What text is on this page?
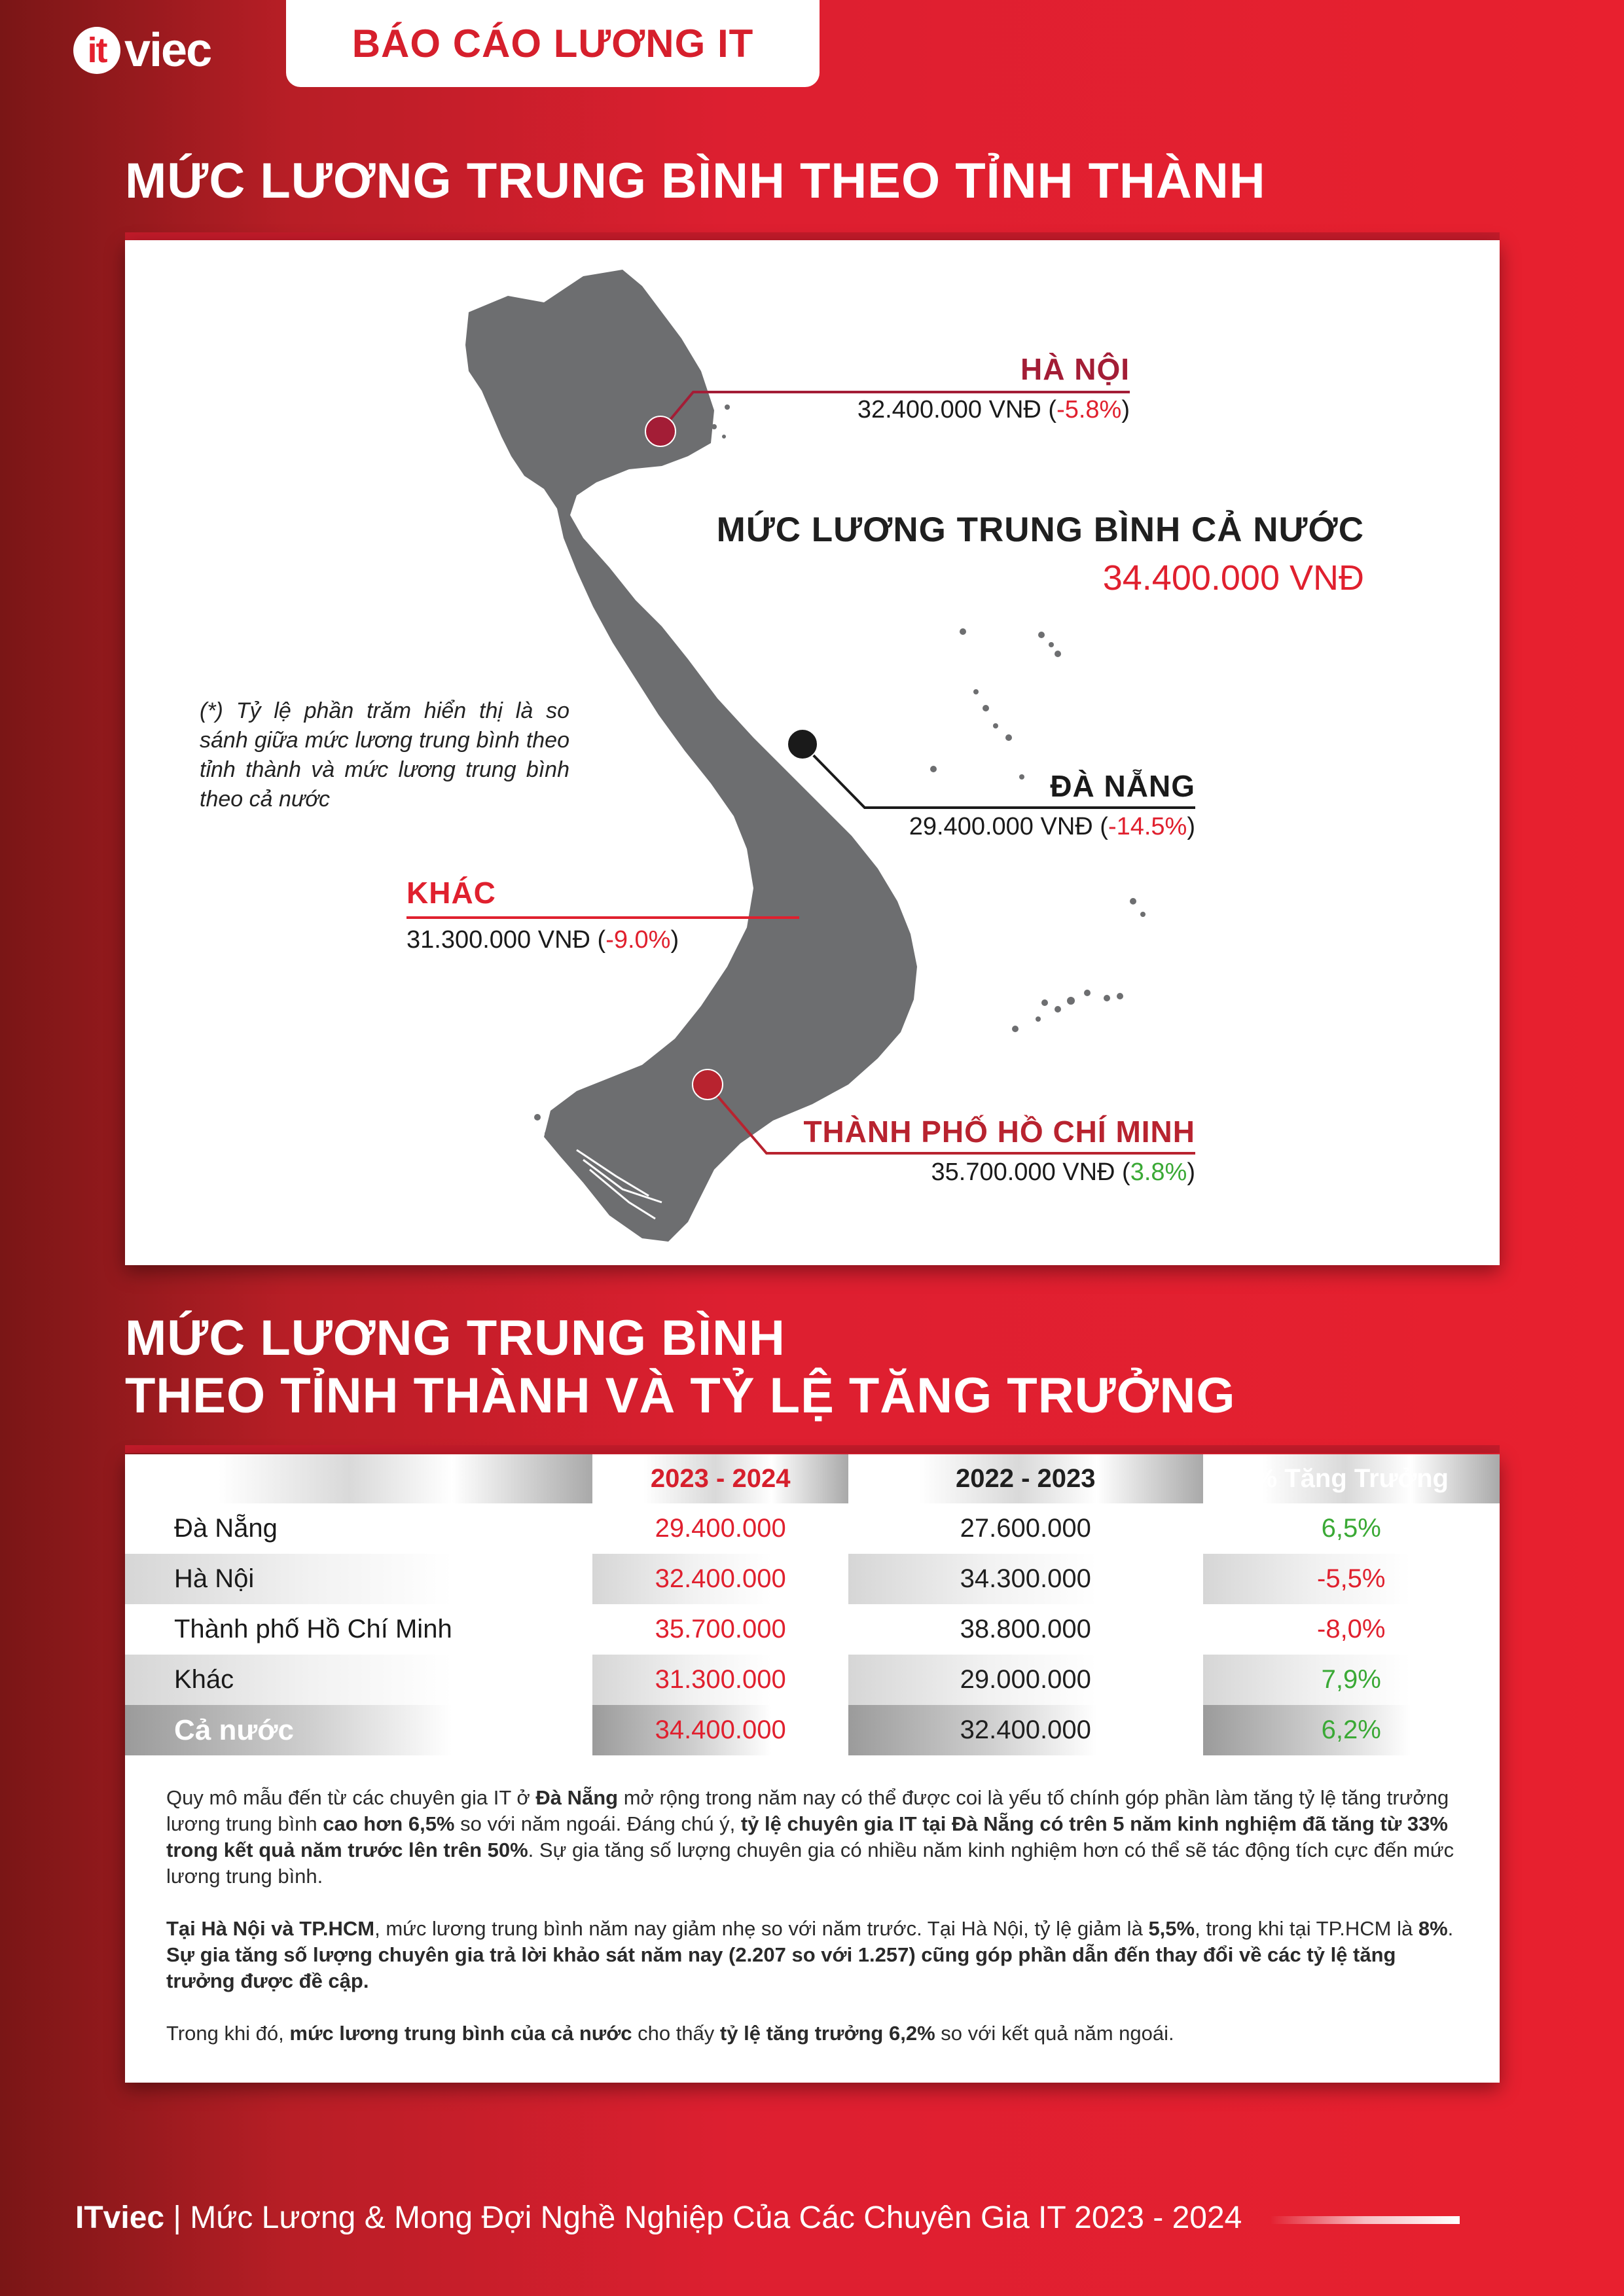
it viec	BÁO CÁO LƯƠNG IT
MỨC LƯƠNG TRUNG BÌNH THEO TỈNH THÀNH
HÀ NỘI
32.400.000 VNĐ (-5.8%)
MỨC LƯƠNG TRUNG BÌNH CẢ NƯỚC
34.400.000 VNĐ
(*) Tỷ lệ phần trăm hiển thị là so sánh giữa mức lương trung bình theo tỉnh thành và mức lương trung bình theo cả nước	ĐÀ NẴNG
29.400.000 VNĐ (-14.5%)
KHÁC
31.300.000 VNĐ (-9.0%)
THÀNH PHỐ HỒ CHÍ MINH
35.700.000 VNĐ (3.8%)
MỨC LƯƠNG TRUNG BÌNH
THEO TỈNH THÀNH VÀ TỶ LỆ TĂNG TRƯỞNG
	2023 - 2024	2022 - 2023	% Tăng Trưởng
Đà Nẵng	29.400.000	27.600.000	6,5%
Hà Nội	32.400.000	34.300.000	-5,5%
Thành phố Hồ Chí Minh	35.700.000	38.800.000	-8,0%
Khác	31.300.000	29.000.000	7,9%
Cả nước	34.400.000	32.400.000	6,2%

Quy mô mẫu đến từ các chuyên gia IT ở Đà Nẵng mở rộng trong năm nay có thể được coi là yếu tố chính góp phần làm tăng tỷ lệ tăng trưởng lương trung bình cao hơn 6,5% so với năm ngoái. Đáng chú ý, tỷ lệ chuyên gia IT tại Đà Nẵng có trên 5 năm kinh nghiệm đã tăng từ 33% trong kết quả năm trước lên trên 50%. Sự gia tăng số lượng chuyên gia có nhiều năm kinh nghiệm hơn có thể sẽ tác động tích cực đến mức lương trung bình.

Tại Hà Nội và TP.HCM, mức lương trung bình năm nay giảm nhẹ so với năm trước. Tại Hà Nội, tỷ lệ giảm là 5,5%, trong khi tại TP.HCM là 8%. Sự gia tăng số lượng chuyên gia trả lời khảo sát năm nay (2.207 so với 1.257) cũng góp phần dẫn đến thay đổi về các tỷ lệ tăng trưởng được đề cập.

Trong khi đó, mức lương trung bình của cả nước cho thấy tỷ lệ tăng trưởng 6,2% so với kết quả năm ngoái.

ITviec | Mức Lương & Mong Đợi Nghề Nghiệp Của Các Chuyên Gia IT 2023 - 2024
